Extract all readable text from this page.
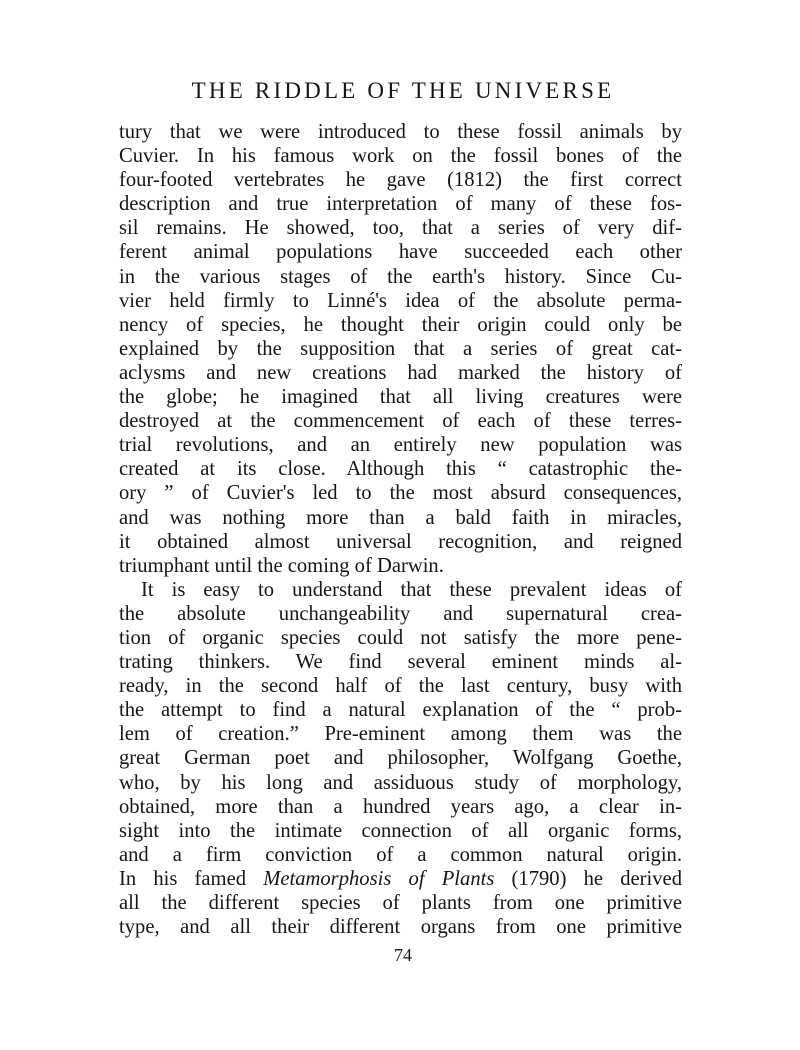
THE RIDDLE OF THE UNIVERSE
tury that we were introduced to these fossil animals by
Cuvier. In his famous work on the fossil bones of the
four-footed vertebrates he gave (1812) the first correct
description and true interpretation of many of these fos-
sil remains. He showed, too, that a series of very dif-
ferent animal populations have succeeded each other
in the various stages of the earth's history. Since Cu-
vier held firmly to Linné's idea of the absolute perma-
nency of species, he thought their origin could only be
explained by the supposition that a series of great cat-
aclysms and new creations had marked the history of
the globe; he imagined that all living creatures were
destroyed at the commencement of each of these terres-
trial revolutions, and an entirely new population was
created at its close. Although this “ catastrophic the-
ory ” of Cuvier's led to the most absurd consequences,
and was nothing more than a bald faith in miracles,
it obtained almost universal recognition, and reigned
triumphant until the coming of Darwin.
It is easy to understand that these prevalent ideas of
the absolute unchangeability and supernatural crea-
tion of organic species could not satisfy the more pene-
trating thinkers. We find several eminent minds al-
ready, in the second half of the last century, busy with
the attempt to find a natural explanation of the “ prob-
lem of creation.” Pre-eminent among them was the
great German poet and philosopher, Wolfgang Goethe,
who, by his long and assiduous study of morphology,
obtained, more than a hundred years ago, a clear in-
sight into the intimate connection of all organic forms,
and a firm conviction of a common natural origin.
In his famed Metamorphosis of Plants (1790) he derived
all the different species of plants from one primitive
type, and all their different organs from one primitive
74
